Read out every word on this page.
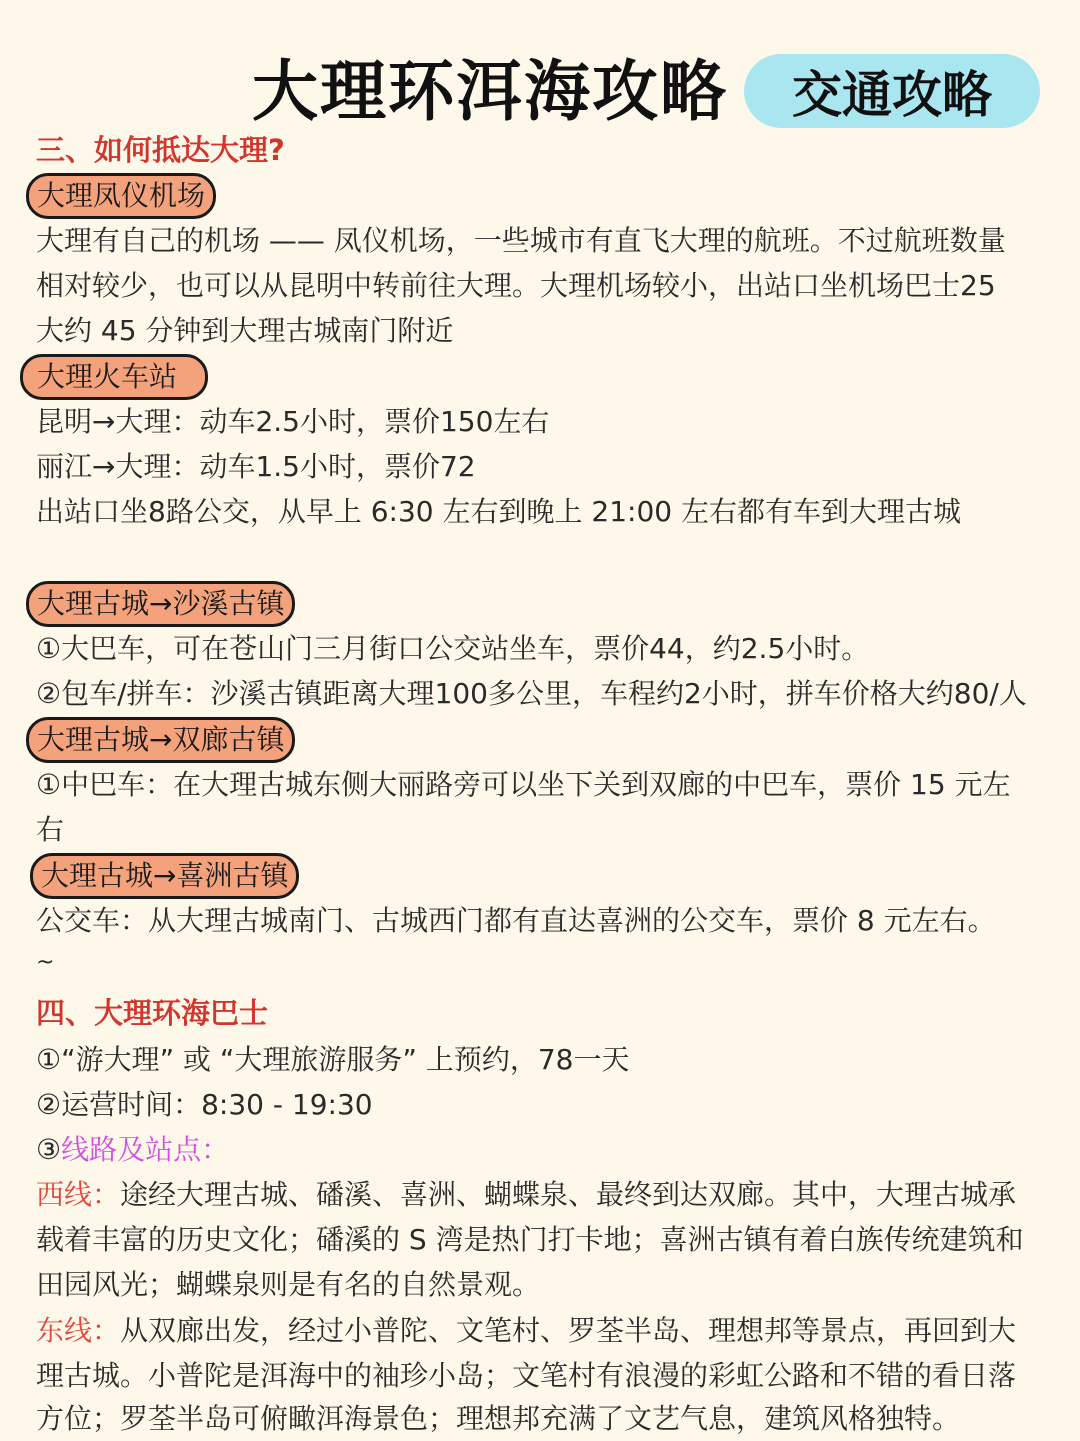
大理环洱海攻略	交通攻略
三、如何抵达大理?
大理凤仪机场
大理有自己的机场 —— 凤仪机场，一些城市有直飞大理的航班。不过航班数量
相对较少，也可以从昆明中转前往大理。大理机场较小，出站口坐机场巴士25
大约 45 分钟到大理古城南门附近
大理火车站
昆明→大理：动车2.5小时，票价150左右
丽江→大理：动车1.5小时，票价72
出站口坐8路公交，从早上 6:30 左右到晚上 21:00 左右都有车到大理古城
大理古城→沙溪古镇
①大巴车，可在苍山门三月街口公交站坐车，票价44，约2.5小时。
②包车/拼车：沙溪古镇距离大理100多公里，车程约2小时，拼车价格大约80/人
大理古城→双廊古镇
①中巴车：在大理古城东侧大丽路旁可以坐下关到双廊的中巴车，票价 15 元左
右
大理古城→喜洲古镇
公交车：从大理古城南门、古城西门都有直达喜洲的公交车，票价 8 元左右。
~
四、大理环海巴士
①“游大理” 或 “大理旅游服务” 上预约，78一天
②运营时间：8:30 - 19:30
③线路及站点：
西线：途经大理古城、磻溪、喜洲、蝴蝶泉、最终到达双廊。其中，大理古城承
载着丰富的历史文化；磻溪的 S 湾是热门打卡地；喜洲古镇有着白族传统建筑和
田园风光；蝴蝶泉则是有名的自然景观。
东线：从双廊出发，经过小普陀、文笔村、罗荃半岛、理想邦等景点，再回到大
理古城。小普陀是洱海中的袖珍小岛；文笔村有浪漫的彩虹公路和不错的看日落
方位；罗荃半岛可俯瞰洱海景色；理想邦充满了文艺气息，建筑风格独特。
